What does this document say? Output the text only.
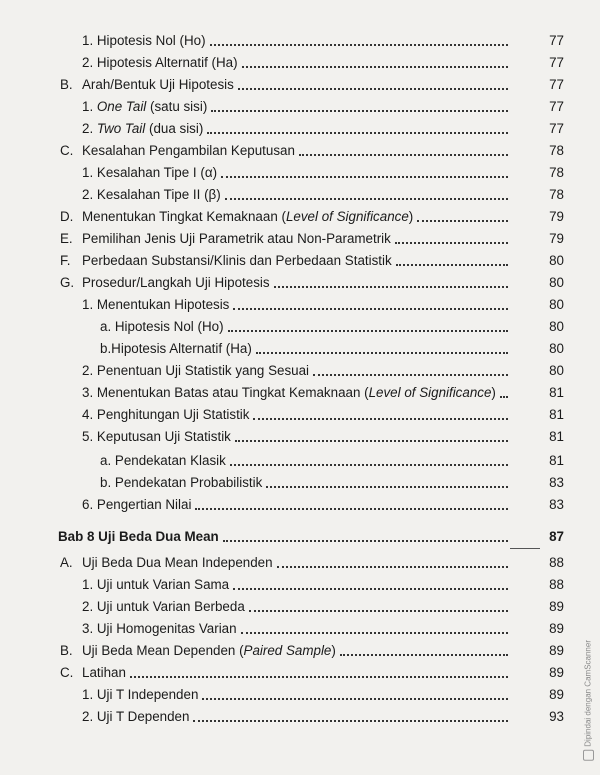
1. Hipotesis Nol (Ho)	77
2. Hipotesis Alternatif (Ha)	77
B. Arah/Bentuk Uji Hipotesis	77
1. One Tail (satu sisi)	77
2. Two Tail (dua sisi)	77
C. Kesalahan Pengambilan Keputusan	78
1. Kesalahan Tipe I (α)	78
2. Kesalahan Tipe II (β)	78
D. Menentukan Tingkat Kemaknaan (Level of Significance)	79
E. Pemilihan Jenis Uji Parametrik atau Non-Parametrik	79
F. Perbedaan Substansi/Klinis dan Perbedaan Statistik	80
G. Prosedur/Langkah Uji Hipotesis	80
1. Menentukan Hipotesis	80
a. Hipotesis Nol (Ho)	80
b.Hipotesis Alternatif (Ha)	80
2. Penentuan Uji Statistik yang Sesuai	80
3. Menentukan Batas atau Tingkat Kemaknaan (Level of Significance)	81
4. Penghitungan Uji Statistik	81
5. Keputusan Uji Statistik	81
a. Pendekatan Klasik	81
b. Pendekatan Probabilistik	83
6. Pengertian Nilai	83
Bab 8 Uji Beda Dua Mean	87
A. Uji Beda Dua Mean Independen	88
1. Uji untuk Varian Sama	88
2. Uji untuk Varian Berbeda	89
3. Uji Homogenitas Varian	89
B. Uji Beda Mean Dependen (Paired Sample)	89
C. Latihan	89
1. Uji T Independen	89
2. Uji T Dependen	93 Dipindai dengan CamScanner
